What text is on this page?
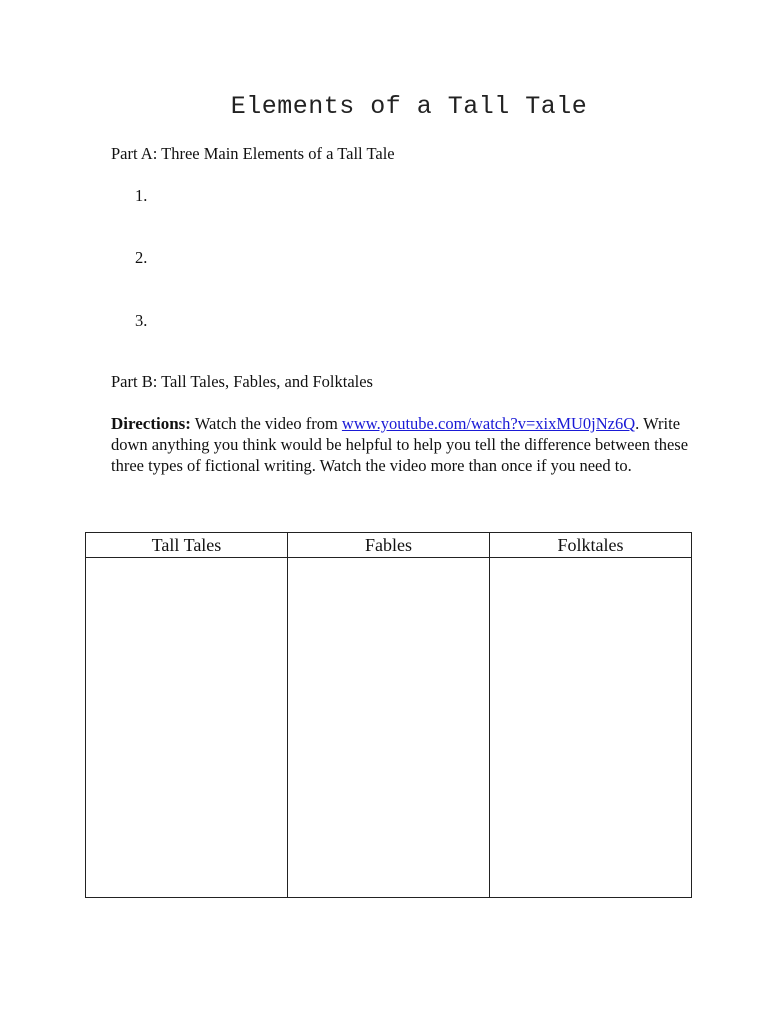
Elements of a Tall Tale
Part A: Three Main Elements of a Tall Tale
1.
2.
3.
Part B: Tall Tales, Fables, and Folktales
Directions: Watch the video from www.youtube.com/watch?v=xixMU0jNz6Q. Write down anything you think would be helpful to help you tell the difference between these three types of fictional writing. Watch the video more than once if you need to.
Tall Tales	Fables	Folktales
